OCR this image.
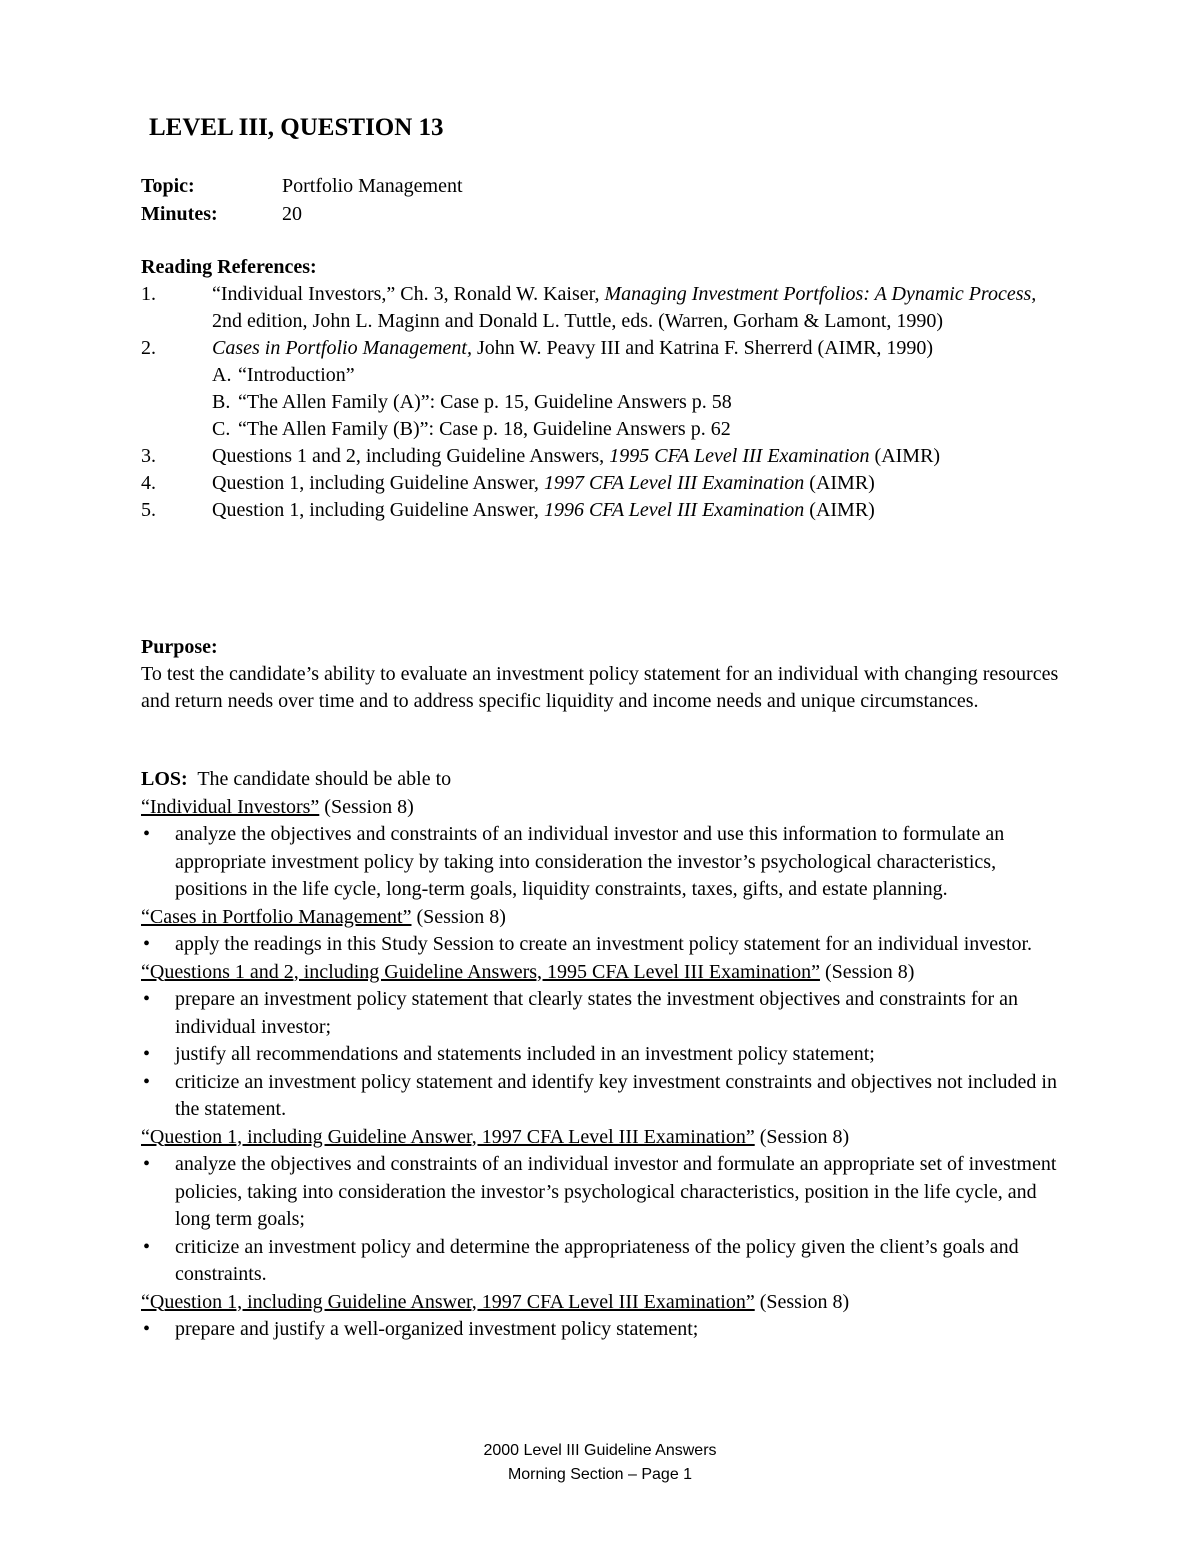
LEVEL III, QUESTION 13
Topic:	Portfolio Management
Minutes:	20
Reading References:
1.	“Individual Investors,” Ch. 3, Ronald W. Kaiser, Managing Investment Portfolios: A Dynamic Process, 2nd edition, John L. Maginn and Donald L. Tuttle, eds. (Warren, Gorham & Lamont, 1990)
2.	Cases in Portfolio Management, John W. Peavy III and Katrina F. Sherrerd (AIMR, 1990)
A. “Introduction”
B. “The Allen Family (A)”: Case p. 15, Guideline Answers p. 58
C. “The Allen Family (B)”: Case p. 18, Guideline Answers p. 62
3.	Questions 1 and 2, including Guideline Answers, 1995 CFA Level III Examination (AIMR)
4.	Question 1, including Guideline Answer, 1997 CFA Level III Examination (AIMR)
5.	Question 1, including Guideline Answer, 1996 CFA Level III Examination (AIMR)
Purpose:
To test the candidate’s ability to evaluate an investment policy statement for an individual with changing resources and return needs over time and to address specific liquidity and income needs and unique circumstances.
LOS:  The candidate should be able to
“Individual Investors” (Session 8)
•	analyze the objectives and constraints of an individual investor and use this information to formulate an appropriate investment policy by taking into consideration the investor’s psychological characteristics, positions in the life cycle, long-term goals, liquidity constraints, taxes, gifts, and estate planning.
“Cases in Portfolio Management” (Session 8)
•	apply the readings in this Study Session to create an investment policy statement for an individual investor.
“Questions 1 and 2, including Guideline Answers, 1995 CFA Level III Examination” (Session 8)
•	prepare an investment policy statement that clearly states the investment objectives and constraints for an individual investor;
•	justify all recommendations and statements included in an investment policy statement;
•	criticize an investment policy statement and identify key investment constraints and objectives not included in the statement.
“Question 1, including Guideline Answer, 1997 CFA Level III Examination” (Session 8)
•	analyze the objectives and constraints of an individual investor and formulate an appropriate set of investment policies, taking into consideration the investor’s psychological characteristics, position in the life cycle, and long term goals;
•	criticize an investment policy and determine the appropriateness of the policy given the client’s goals and constraints.
“Question 1, including Guideline Answer, 1997 CFA Level III Examination” (Session 8)
•	prepare and justify a well-organized investment policy statement;
2000 Level III Guideline Answers
Morning Section – Page 1
